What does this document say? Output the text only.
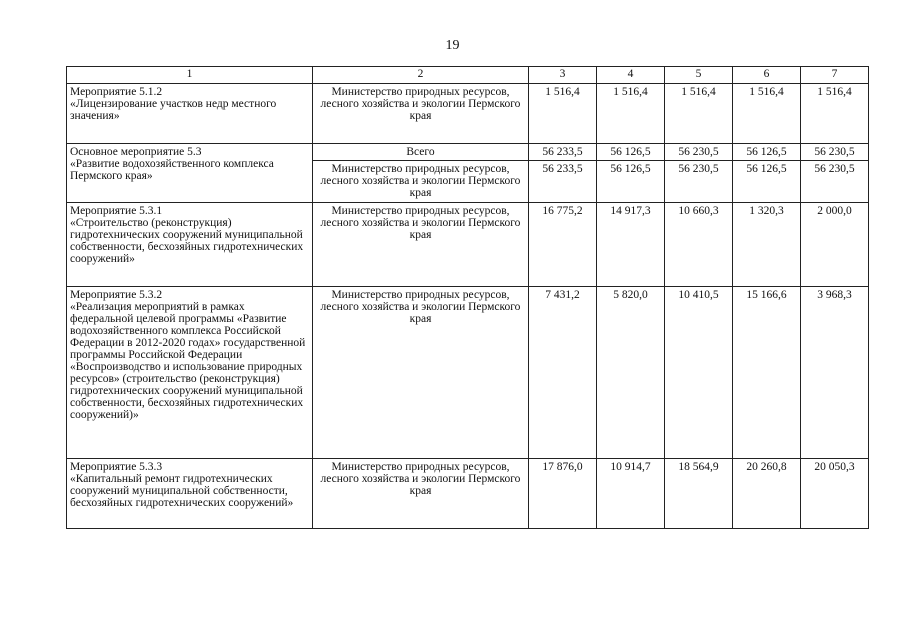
19
1	2	3	4	5	6	7
Мероприятие 5.1.2
«Лицензирование участков недр местного значения»	Министерство природных ресурсов, лесного хозяйства и экологии Пермского края	1 516,4	1 516,4	1 516,4	1 516,4	1 516,4
Основное мероприятие 5.3
«Развитие водохозяйственного комплекса Пермского края»	Всего	56 233,5	56 126,5	56 230,5	56 126,5	56 230,5
	Министерство природных ресурсов, лесного хозяйства и экологии Пермского края	56 233,5	56 126,5	56 230,5	56 126,5	56 230,5
Мероприятие 5.3.1
«Строительство (реконструкция) гидротехнических сооружений муниципальной собственности, бесхозяйных гидротехнических сооружений»	Министерство природных ресурсов, лесного хозяйства и экологии Пермского края	16 775,2	14 917,3	10 660,3	1 320,3	2 000,0
Мероприятие 5.3.2
«Реализация мероприятий в рамках федеральной целевой программы «Развитие водохозяйственного комплекса Российской Федерации в 2012-2020 годах» государственной программы Российской Федерации «Воспроизводство и использование природных ресурсов» (строительство (реконструкция) гидротехнических сооружений муниципальной собственности, бесхозяйных гидротехнических сооружений)»	Министерство природных ресурсов, лесного хозяйства и экологии Пермского края	7 431,2	5 820,0	10 410,5	15 166,6	3 968,3
Мероприятие 5.3.3
«Капитальный ремонт гидротехнических сооружений муниципальной собственности, бесхозяйных гидротехнических сооружений»	Министерство природных ресурсов, лесного хозяйства и экологии Пермского края	17 876,0	10 914,7	18 564,9	20 260,8	20 050,3
